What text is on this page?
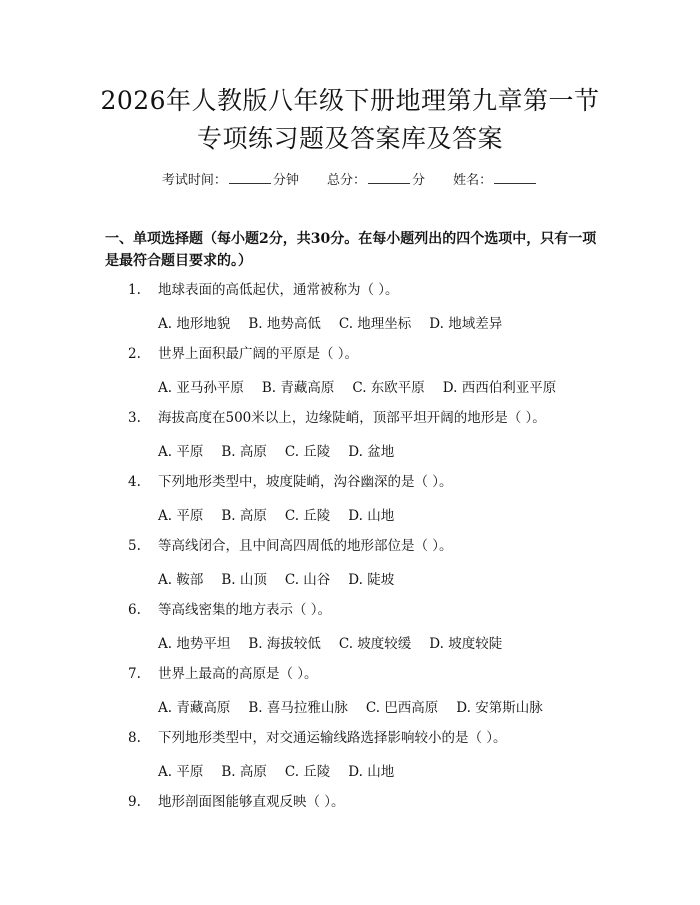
2026年人教版八年级下册地理第九章第一节
专项练习题及答案库及答案
考试时间：	分钟 总分：	分 姓名：
一、单项选择题（每小题2分，共30分。在每小题列出的四个选项中，只有一项是最符合题目要求的。）
1. 地球表面的高低起伏，通常被称为（ ）。
A. 地形地貌 B. 地势高低 C. 地理坐标 D. 地域差异
2. 世界上面积最广阔的平原是（ ）。
A. 亚马孙平原 B. 青藏高原 C. 东欧平原 D. 西西伯利亚平原
3. 海拔高度在500米以上，边缘陡峭，顶部平坦开阔的地形是（ ）。
A. 平原 B. 高原 C. 丘陵 D. 盆地
4. 下列地形类型中，坡度陡峭，沟谷幽深的是（ ）。
A. 平原 B. 高原 C. 丘陵 D. 山地
5. 等高线闭合，且中间高四周低的地形部位是（ ）。
A. 鞍部 B. 山顶 C. 山谷 D. 陡坡
6. 等高线密集的地方表示（ ）。
A. 地势平坦 B. 海拔较低 C. 坡度较缓 D. 坡度较陡
7. 世界上最高的高原是（ ）。
A. 青藏高原 B. 喜马拉雅山脉 C. 巴西高原 D. 安第斯山脉
8. 下列地形类型中，对交通运输线路选择影响较小的是（ ）。
A. 平原 B. 高原 C. 丘陵 D. 山地
9. 地形剖面图能够直观反映（ ）。
